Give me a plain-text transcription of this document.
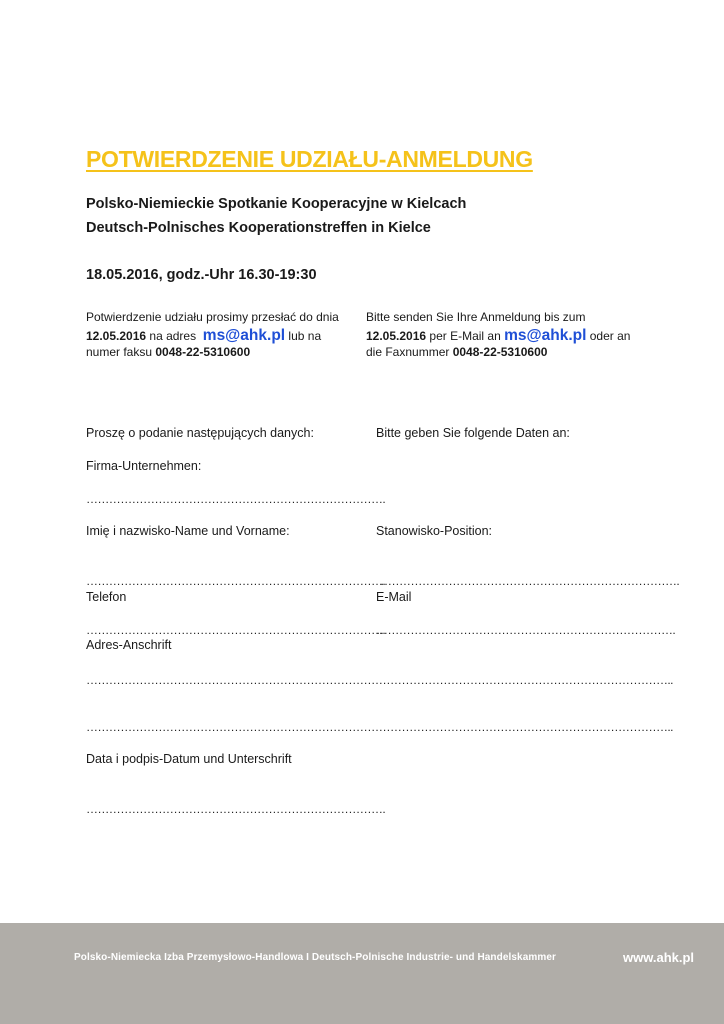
POTWIERDZENIE UDZIAŁU-ANMELDUNG
Polsko-Niemieckie Spotkanie Kooperacyjne w Kielcach
Deutsch-Polnisches Kooperationstreffen in Kielce
18.05.2016, godz.-Uhr 16.30-19:30
Potwierdzenie udziału prosimy przesłać do dnia
12.05.2016 na adres  ms@ahk.pl lub na
numer faksu 0048-22-5310600
Bitte senden Sie Ihre Anmeldung bis zum
12.05.2016 per E-Mail an ms@ahk.pl oder an
die Faxnummer 0048-22-5310600
Proszę o podanie następujących danych:	Bitte geben Sie folgende Daten an:
Firma-Unternehmen:
…………………………………………………………………….
Imię i nazwisko-Name und Vorname:	Stanowisko-Position:
…………………………………………………………………….
…………………………………………………………………….
Telefon	E-Mail
…………………………………………………………………….
…………………………………………………………………….
Adres-Anschrift
………………………………………………………………………………………………………………………………………..
………………………………………………………………………………………………………………………………………..
Data i podpis-Datum und Unterschrift
…………………………………………………………………….
Polsko-Niemiecka Izba Przemysłowo-Handlowa I Deutsch-Polnische Industrie- und Handelskammer	www.ahk.pl
